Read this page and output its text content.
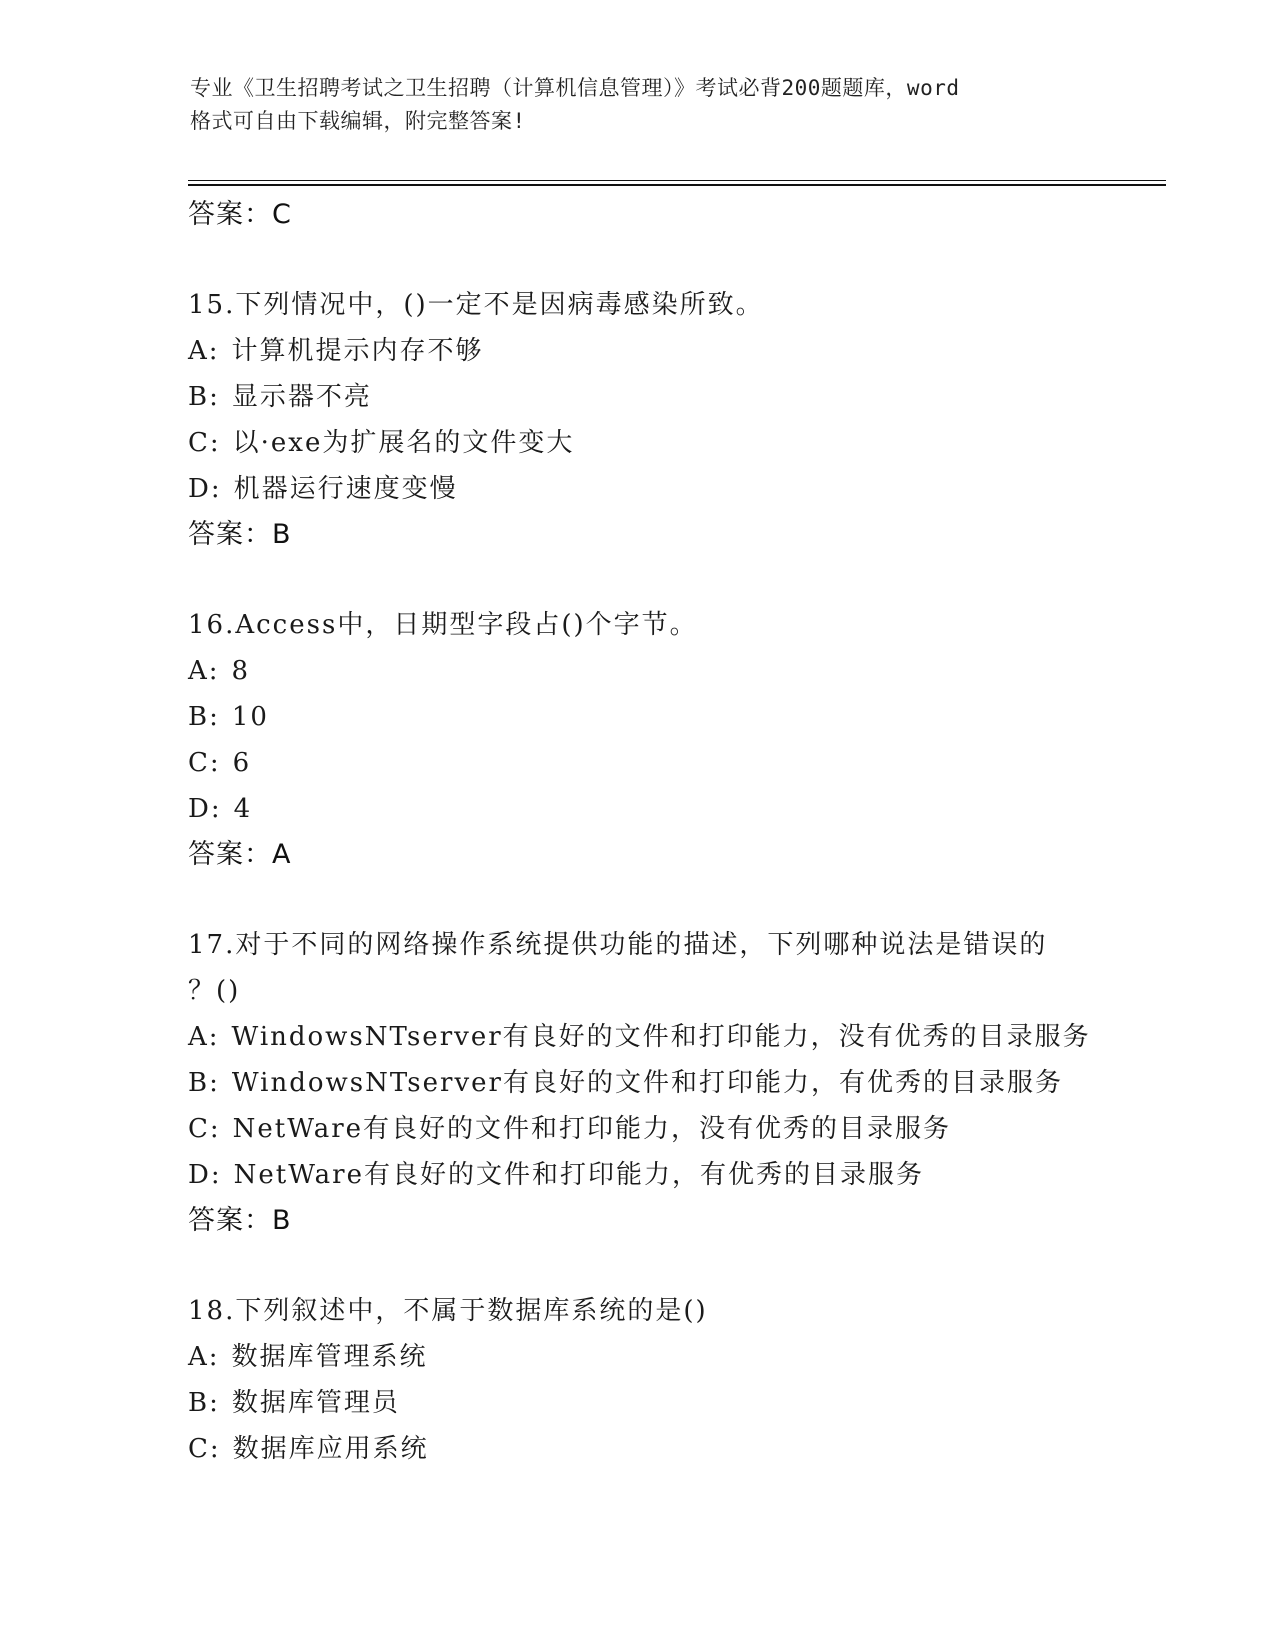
专业《卫生招聘考试之卫生招聘（计算机信息管理）》考试必背200题题库，word
格式可自由下载编辑，附完整答案!
答案：C
15.下列情况中，()一定不是因病毒感染所致。
A: 计算机提示内存不够
B: 显示器不亮
C: 以·exe为扩展名的文件变大
D: 机器运行速度变慢
答案：B
16.Access中，日期型字段占()个字节。
A: 8
B: 10
C: 6
D: 4
答案：A
17.对于不同的网络操作系统提供功能的描述，下列哪种说法是错误的
？()
A: WindowsNTserver有良好的文件和打印能力，没有优秀的目录服务
B: WindowsNTserver有良好的文件和打印能力，有优秀的目录服务
C: NetWare有良好的文件和打印能力，没有优秀的目录服务
D: NetWare有良好的文件和打印能力，有优秀的目录服务
答案：B
18.下列叙述中，不属于数据库系统的是()
A: 数据库管理系统
B: 数据库管理员
C: 数据库应用系统
